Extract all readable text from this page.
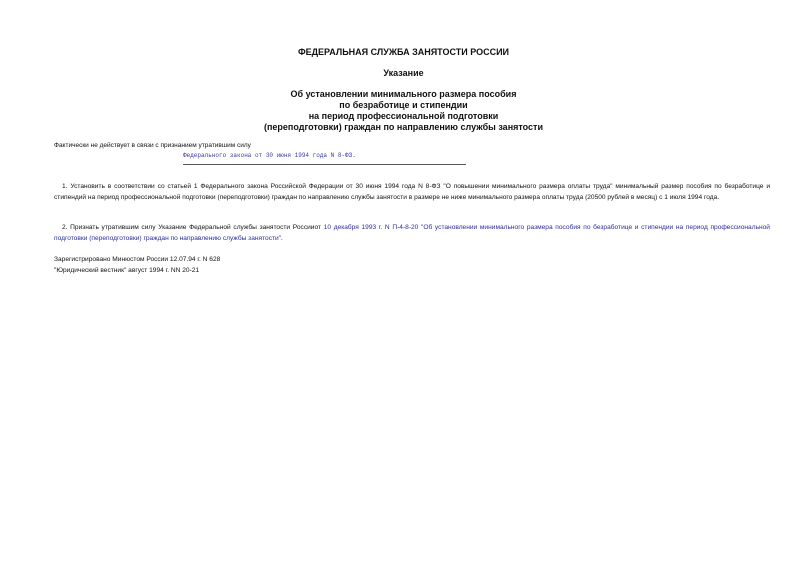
ФЕДЕРАЛЬНАЯ СЛУЖБА ЗАНЯТОСТИ РОССИИ
Указание
Об установлении минимального размера пособия
по безработице и стипендии
на период профессиональной подготовки
(переподготовки) граждан по направлению службы занятости
Фактически не действует в связи с признанием утратившим силу
Федерального закона от 30 июня 1994 года N 8-ФЗ.
1. Установить в соответствии со статьей 1 Федерального закона Российской Федерации от 30 июня 1994 года N 8-ФЗ "О повышении минимального размера оплаты труда" минимальный размер пособия по безработице и стипендий на период профессиональной подготовки (переподготовки) граждан по направлению службы занятости в размере не ниже минимального размера оплаты труда (20500 рублей в месяц) с 1 июля 1994 года.
2. Признать утратившим силу Указание Федеральной службы занятости Россииот 10 декабря 1993 г. N П-4-8-20 "Об установлении минимального размера пособия по безработице и стипендии на период профессиональной подготовки (переподготовки) граждан по направлению службы занятости".
Зарегистрировано Минюстом России 12.07.94 г. N 628
"Юридический вестник" август 1994 г. NN 20-21
